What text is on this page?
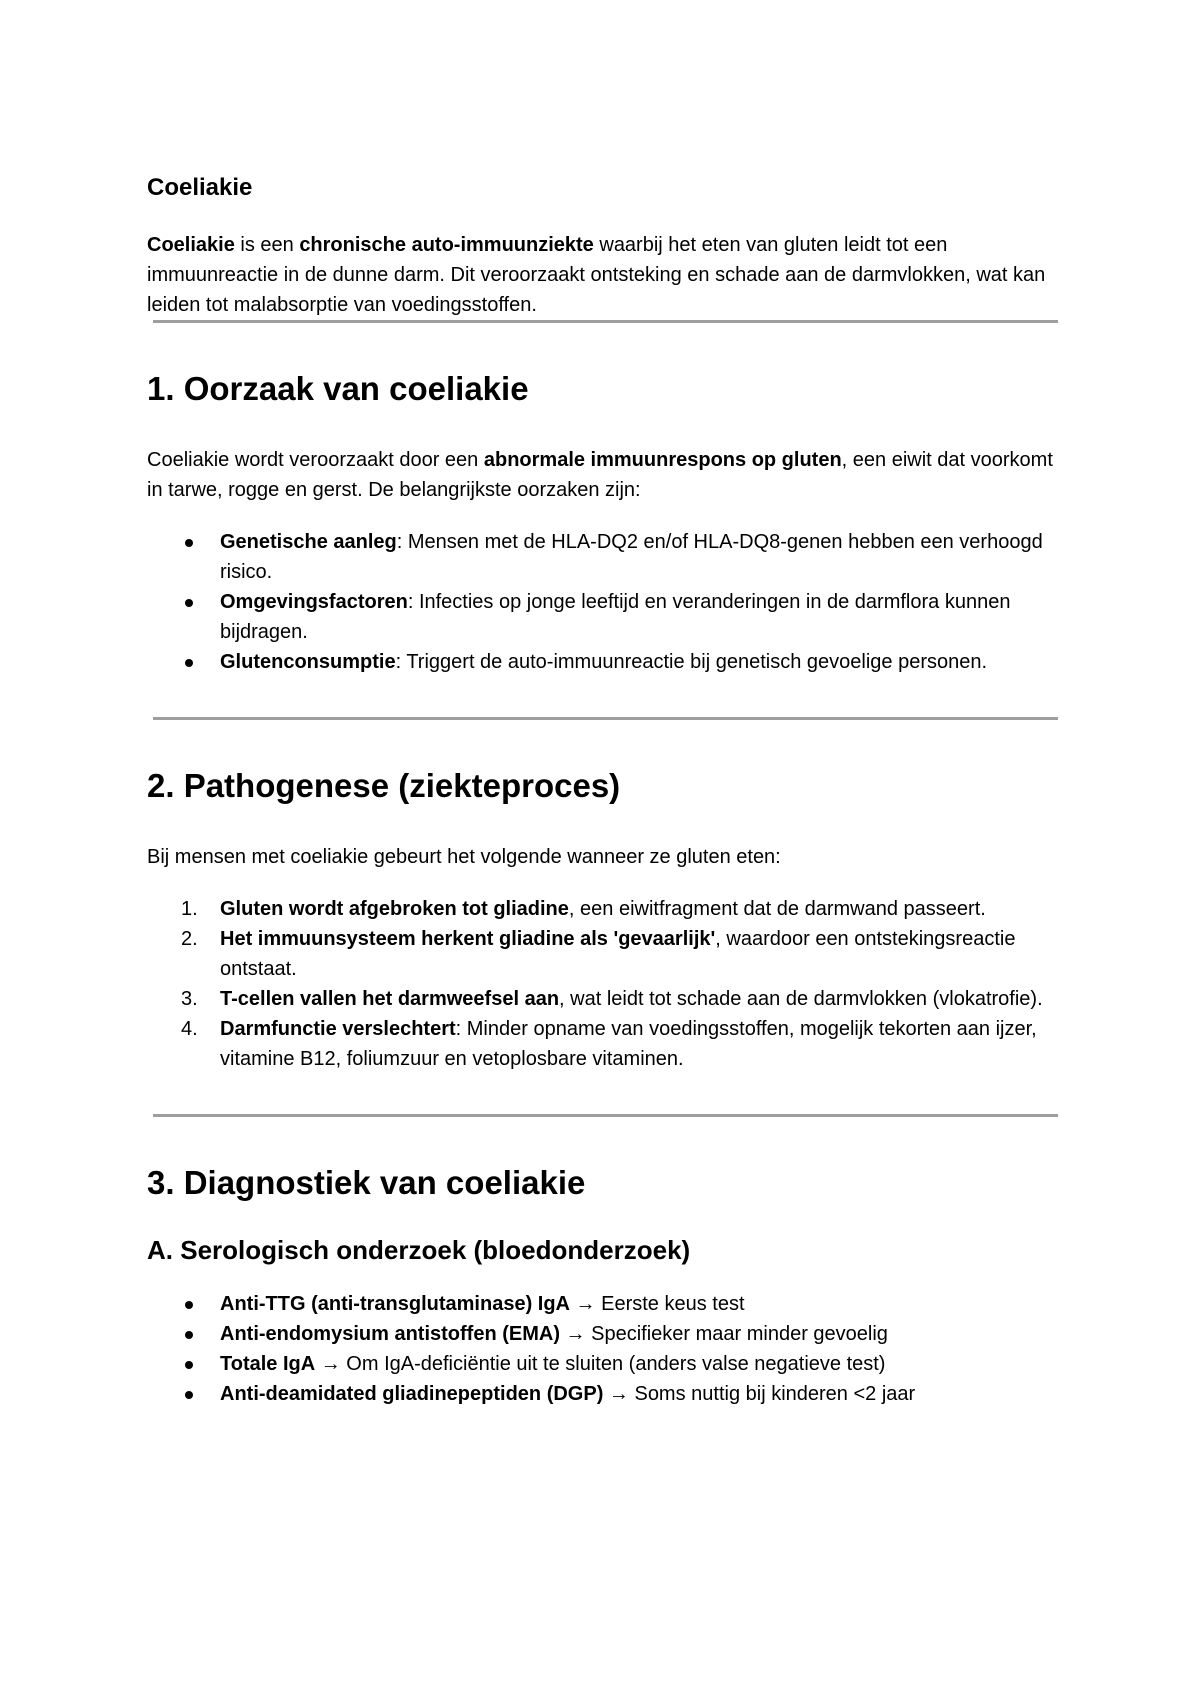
Coeliakie

Coeliakie is een chronische auto-immuunziekte waarbij het eten van gluten leidt tot een immuunreactie in de dunne darm. Dit veroorzaakt ontsteking en schade aan de darmvlokken, wat kan leiden tot malabsorptie van voedingsstoffen.

1. Oorzaak van coeliakie

Coeliakie wordt veroorzaakt door een abnormale immuunrespons op gluten, een eiwit dat voorkomt in tarwe, rogge en gerst. De belangrijkste oorzaken zijn:

Genetische aanleg: Mensen met de HLA-DQ2 en/of HLA-DQ8-genen hebben een verhoogd risico.
Omgevingsfactoren: Infecties op jonge leeftijd en veranderingen in de darmflora kunnen bijdragen.
Glutenconsumptie: Triggert de auto-immuunreactie bij genetisch gevoelige personen.
2. Pathogenese (ziekteproces)

Bij mensen met coeliakie gebeurt het volgende wanneer ze gluten eten:

1. Gluten wordt afgebroken tot gliadine, een eiwitfragment dat de darmwand passeert.
2. Het immuunsysteem herkent gliadine als 'gevaarlijk', waardoor een ontstekingsreactie ontstaat.
3. T-cellen vallen het darmweefsel aan, wat leidt tot schade aan de darmvlokken (vlokatrofie).
4. Darmfunctie verslechtert: Minder opname van voedingsstoffen, mogelijk tekorten aan ijzer, vitamine B12, foliumzuur en vetoplosbare vitaminen.
3. Diagnostiek van coeliakie
A. Serologisch onderzoek (bloedonderzoek)
Anti-TTG (anti-transglutaminase) IgA → Eerste keus test
Anti-endomysium antistoffen (EMA) → Specifieker maar minder gevoelig
Totale IgA → Om IgA-deficiëntie uit te sluiten (anders valse negatieve test)
Anti-deamidated gliadinepeptiden (DGP) → Soms nuttig bij kinderen <2 jaar
